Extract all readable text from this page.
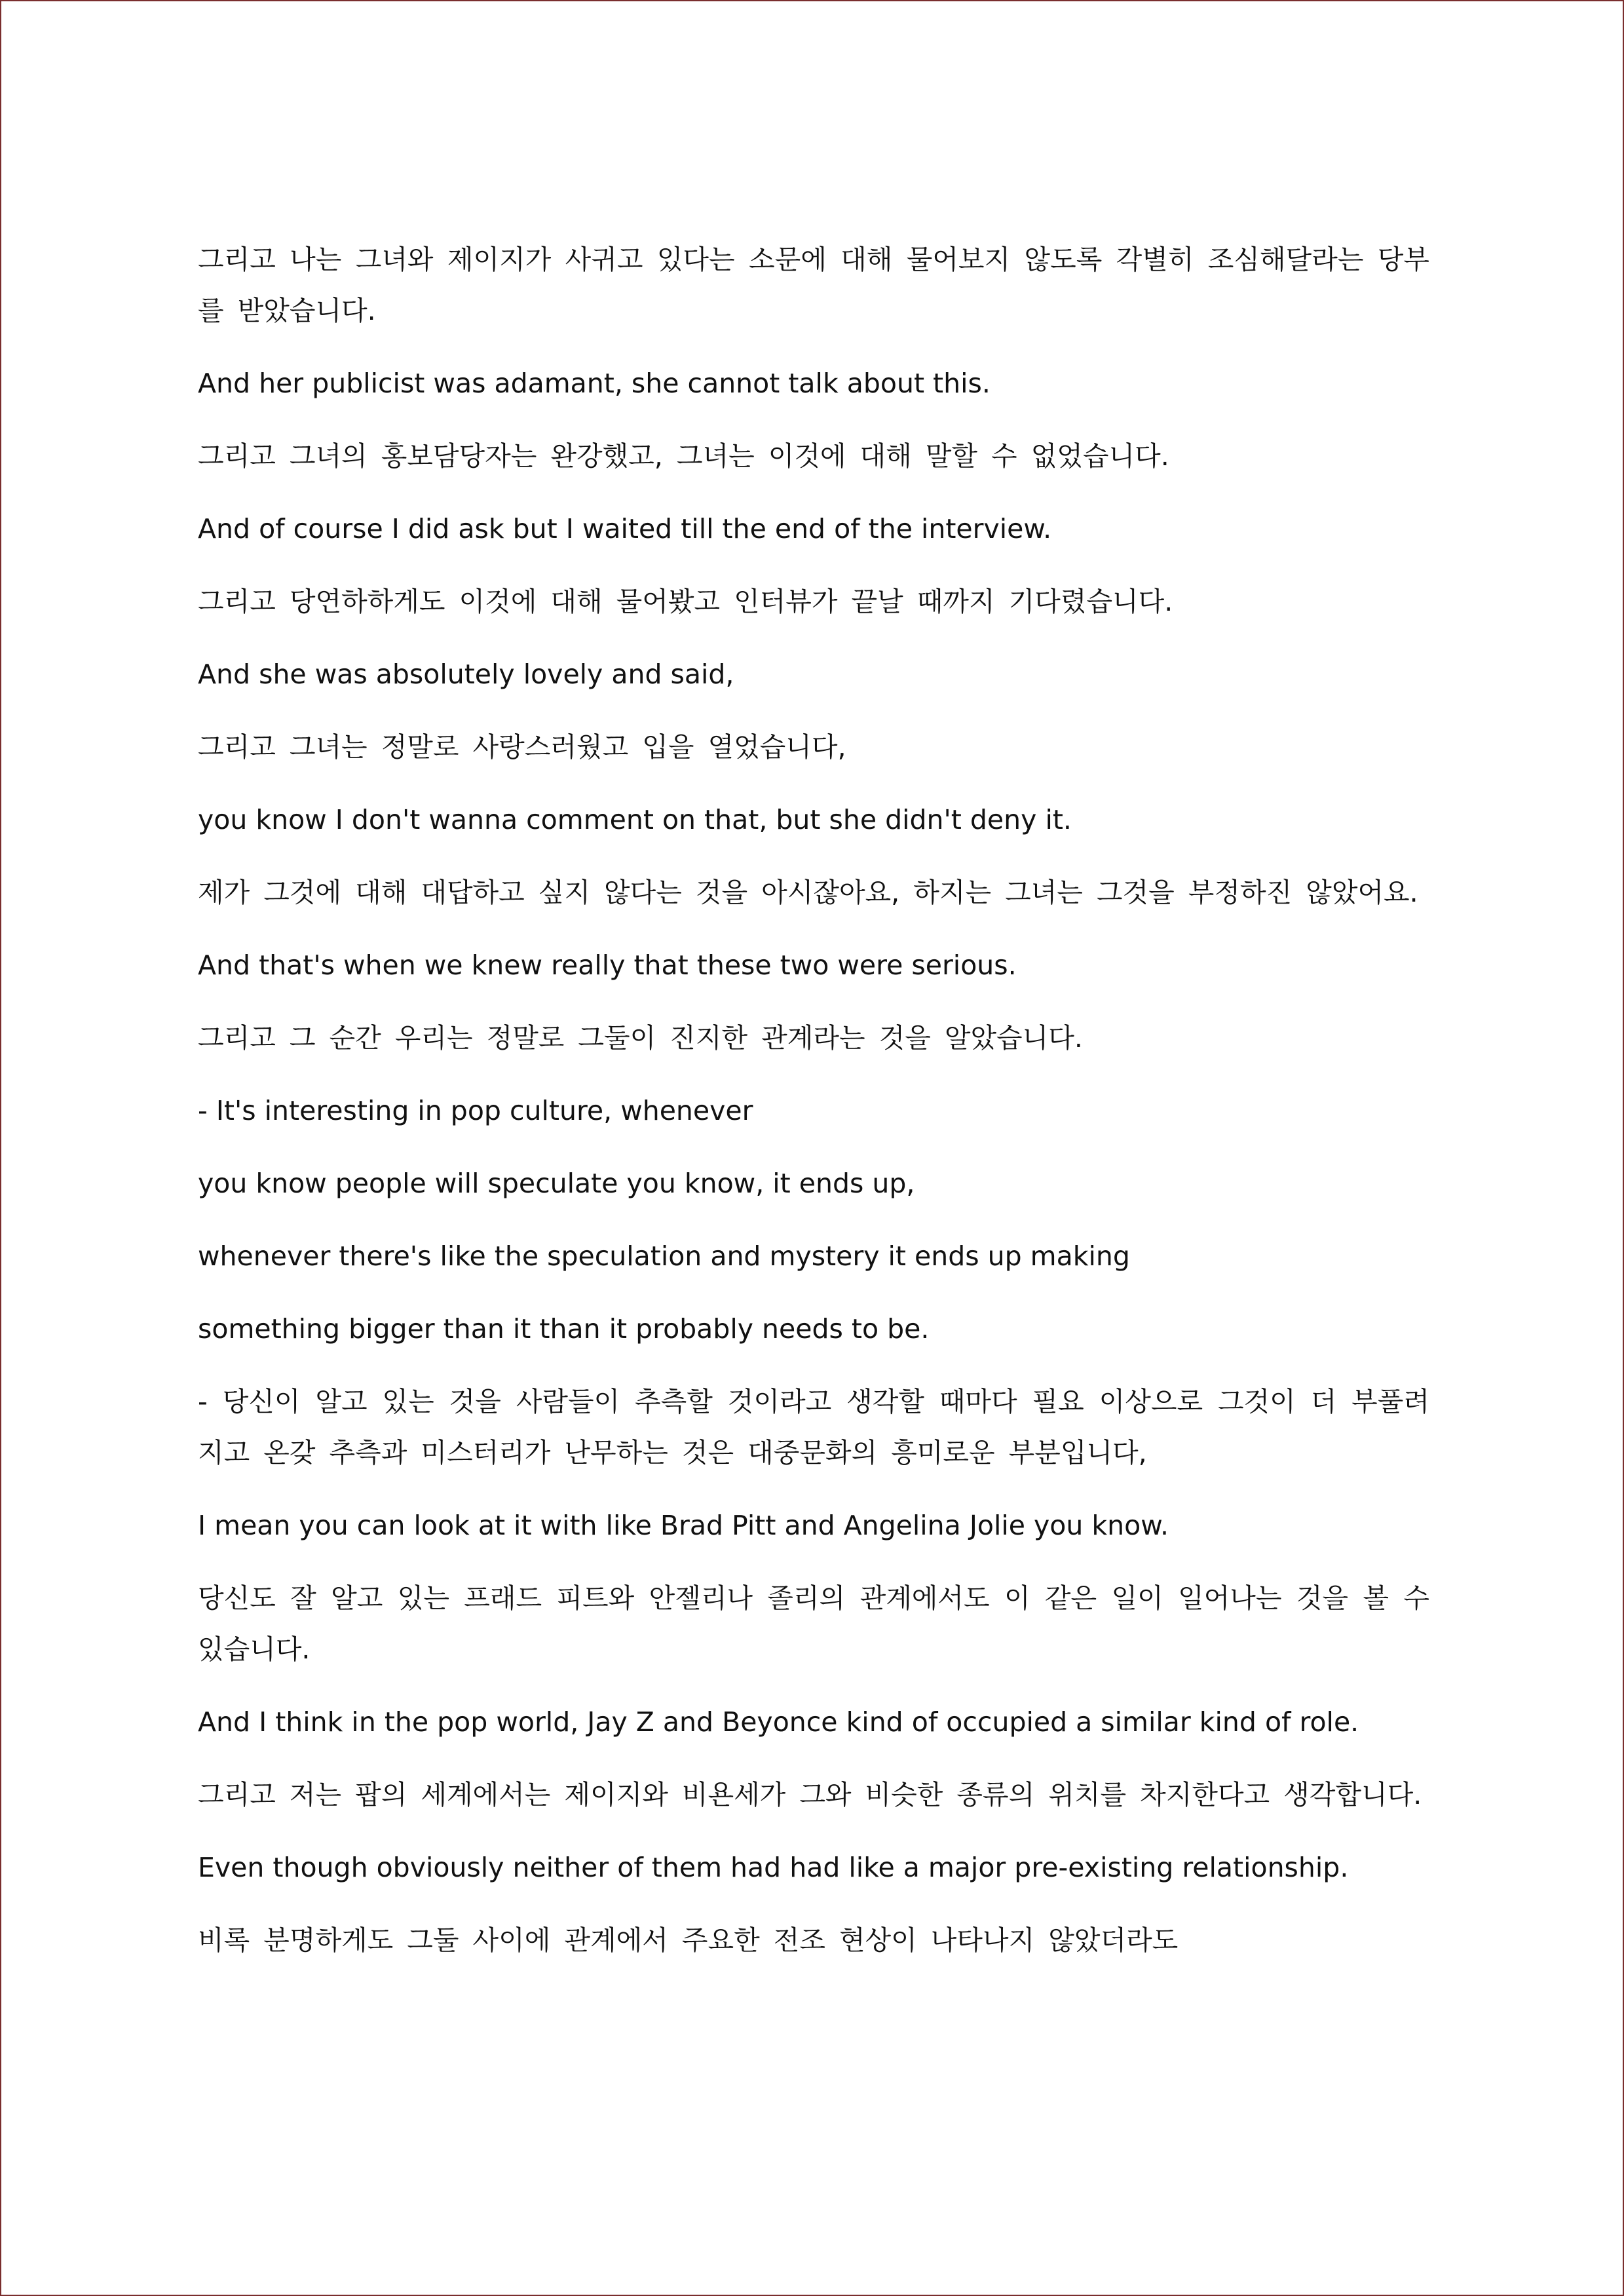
그리고 나는 그녀와 제이지가 사귀고 있다는 소문에 대해 물어보지 않도록 각별히 조심해달라는 당부를 받았습니다.

And her publicist was adamant, she cannot talk about this.

그리고 그녀의 홍보담당자는 완강했고, 그녀는 이것에 대해 말할 수 없었습니다.

And of course I did ask but I waited till the end of the interview.

그리고 당연하하게도 이것에 대해 물어봤고 인터뷰가 끝날 때까지 기다렸습니다.

And she was absolutely lovely and said,

그리고 그녀는 정말로 사랑스러웠고 입을 열었습니다,

you know I don't wanna comment on that, but she didn't deny it.

제가 그것에 대해 대답하고 싶지 않다는 것을 아시잖아요, 하지는 그녀는 그것을 부정하진 않았어요.

And that's when we knew really that these two were serious.

그리고 그 순간 우리는 정말로 그둘이 진지한 관계라는 것을 알았습니다.

- It's interesting in pop culture, whenever

you know people will speculate you know, it ends up,

whenever there's like the speculation and mystery it ends up making

something bigger than it than it probably needs to be.

- 당신이 알고 있는 것을 사람들이 추측할 것이라고 생각할 때마다 필요 이상으로 그것이 더 부풀려지고 온갖 추측과 미스터리가 난무하는 것은 대중문화의 흥미로운 부분입니다,

I mean you can look at it with like Brad Pitt and Angelina Jolie you know.

당신도 잘 알고 있는 프래드 피트와 안젤리나 졸리의 관계에서도 이 같은 일이 일어나는 것을 볼 수 있습니다.

And I think in the pop world, Jay Z and Beyonce kind of occupied a similar kind of role.

그리고 저는 팝의 세계에서는 제이지와 비욘세가 그와 비슷한 종류의 위치를 차지한다고 생각합니다.

Even though obviously neither of them had had like a major pre-existing relationship.

비록 분명하게도 그둘 사이에 관계에서 주요한 전조 현상이 나타나지 않았더라도
